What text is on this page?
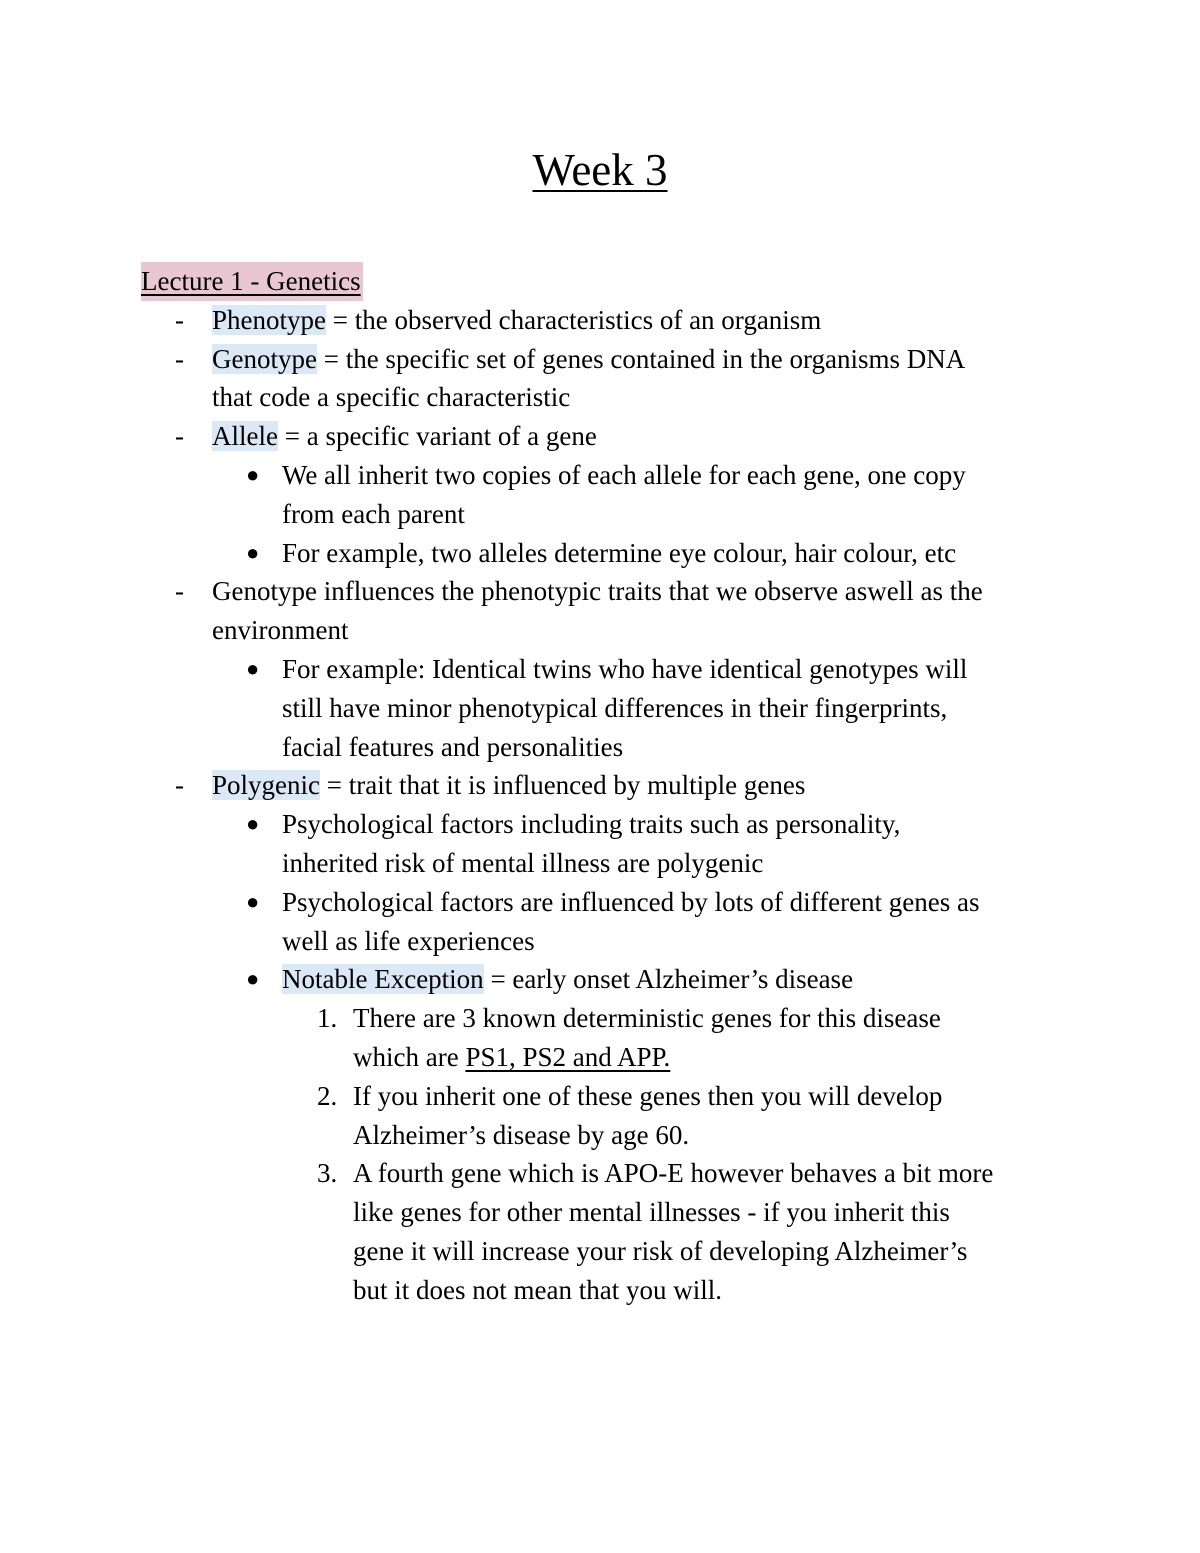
Week 3
Lecture 1 - Genetics
- Phenotype = the observed characteristics of an organism
- Genotype = the specific set of genes contained in the organisms DNA
that code a specific characteristic
- Allele = a specific variant of a gene
● We all inherit two copies of each allele for each gene, one copy
from each parent
● For example, two alleles determine eye colour, hair colour, etc
- Genotype influences the phenotypic traits that we observe aswell as the
environment
● For example: Identical twins who have identical genotypes will
still have minor phenotypical differences in their fingerprints,
facial features and personalities
- Polygenic = trait that it is influenced by multiple genes
● Psychological factors including traits such as personality,
inherited risk of mental illness are polygenic
● Psychological factors are influenced by lots of different genes as
well as life experiences
● Notable Exception = early onset Alzheimer’s disease
1. There are 3 known deterministic genes for this disease
which are PS1, PS2 and APP.
2. If you inherit one of these genes then you will develop
Alzheimer’s disease by age 60.
3. A fourth gene which is APO-E however behaves a bit more
like genes for other mental illnesses - if you inherit this
gene it will increase your risk of developing Alzheimer’s
but it does not mean that you will.
